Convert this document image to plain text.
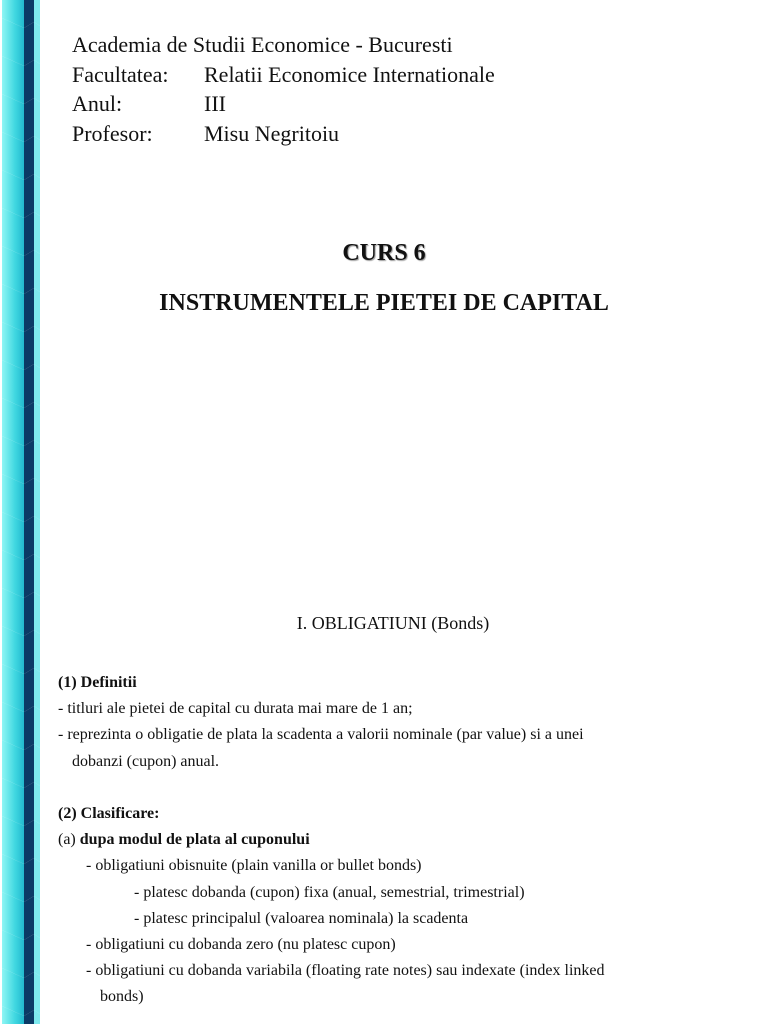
Academia de Studii Economice - Bucuresti
Facultatea:	Relatii Economice Internationale
Anul:	III
Profesor:	Misu Negritoiu
CURS 6
INSTRUMENTELE PIETEI DE CAPITAL
I. OBLIGATIUNI (Bonds)
(1) Definitii
- titluri ale pietei de capital cu durata mai mare de 1 an;
- reprezinta o obligatie de plata la scadenta a valorii nominale (par value) si a unei
dobanzi (cupon) anual.
(2) Clasificare:
(a) dupa modul de plata al cuponului
- obligatiuni obisnuite (plain vanilla or bullet bonds)
- platesc dobanda (cupon) fixa (anual, semestrial, trimestrial)
- platesc principalul (valoarea nominala) la scadenta
- obligatiuni cu dobanda zero (nu platesc cupon)
- obligatiuni cu dobanda variabila (floating rate notes) sau indexate (index linked
bonds)
